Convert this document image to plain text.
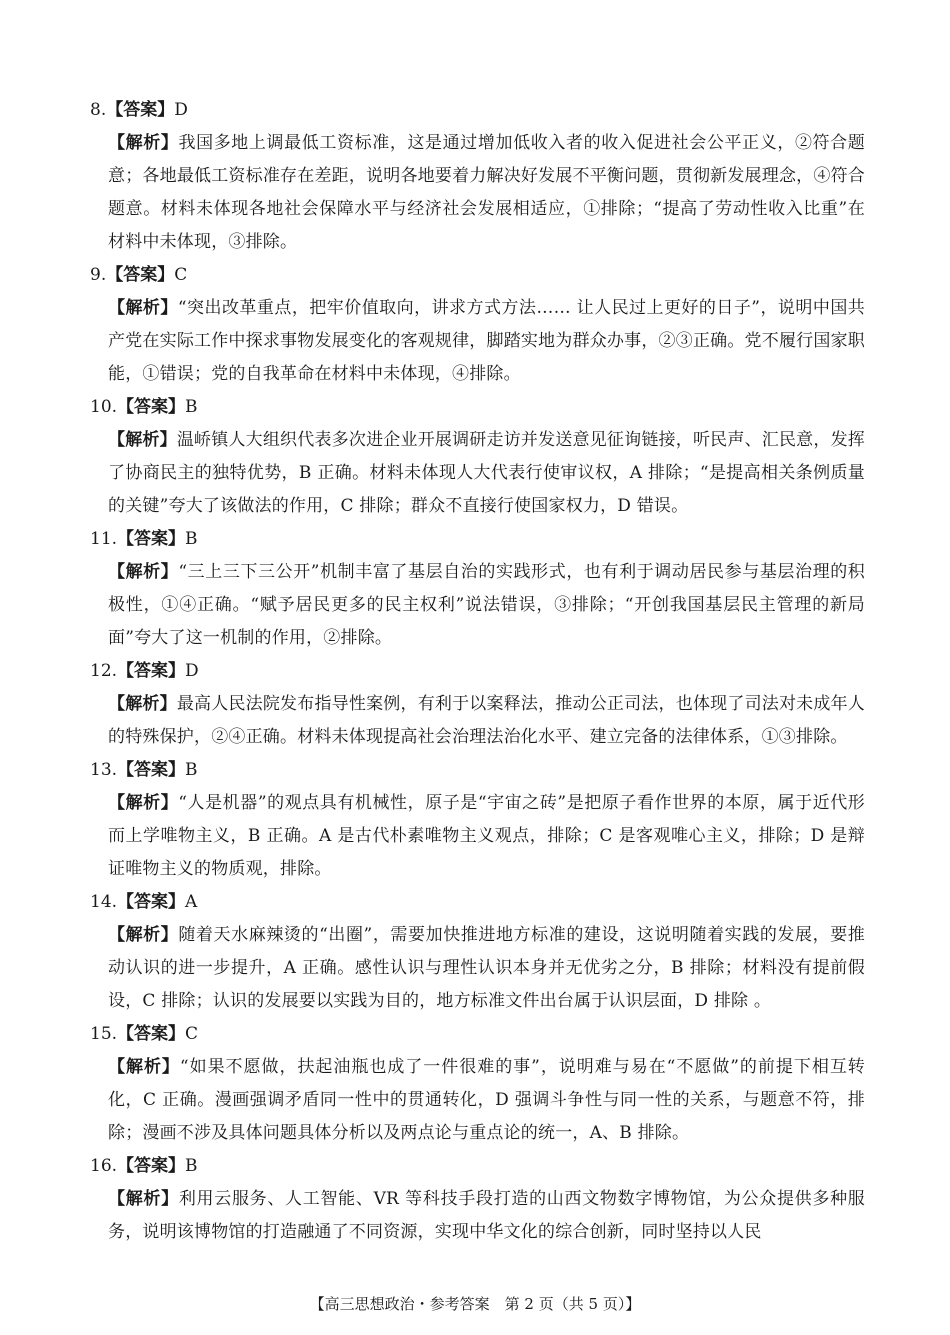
8.【答案】D
【解析】我国多地上调最低工资标准，这是通过增加低收入者的收入促进社会公平正义，②符合题意；各地最低工资标准存在差距，说明各地要着力解决好发展不平衡问题，贯彻新发展理念，④符合题意。材料未体现各地社会保障水平与经济社会发展相适应，①排除；“提高了劳动性收入比重”在材料中未体现，③排除。
9.【答案】C
【解析】“突出改革重点，把牢价值取向，讲求方式方法…… 让人民过上更好的日子”，说明中国共产党在实际工作中探求事物发展变化的客观规律，脚踏实地为群众办事，②③正确。党不履行国家职能，①错误；党的自我革命在材料中未体现，④排除。
10.【答案】B
【解析】温峤镇人大组织代表多次进企业开展调研走访并发送意见征询链接，听民声、汇民意，发挥了协商民主的独特优势，B 正确。材料未体现人大代表行使审议权，A 排除；“是提高相关条例质量的关键”夸大了该做法的作用，C 排除；群众不直接行使国家权力，D 错误。
11.【答案】B
【解析】“三上三下三公开”机制丰富了基层自治的实践形式，也有利于调动居民参与基层治理的积极性，①④正确。“赋予居民更多的民主权利”说法错误，③排除；“开创我国基层民主管理的新局面”夸大了这一机制的作用，②排除。
12.【答案】D
【解析】最高人民法院发布指导性案例，有利于以案释法，推动公正司法，也体现了司法对未成年人的特殊保护，②④正确。材料未体现提高社会治理法治化水平、建立完备的法律体系，①③排除。
13.【答案】B
【解析】“人是机器”的观点具有机械性，原子是“宇宙之砖”是把原子看作世界的本原，属于近代形而上学唯物主义，B 正确。A 是古代朴素唯物主义观点，排除；C 是客观唯心主义，排除；D 是辩证唯物主义的物质观，排除。
14.【答案】A
【解析】随着天水麻辣烫的“出圈”，需要加快推进地方标准的建设，这说明随着实践的发展，要推动认识的进一步提升，A 正确。感性认识与理性认识本身并无优劣之分，B 排除；材料没有提前假设，C 排除；认识的发展要以实践为目的，地方标准文件出台属于认识层面，D 排除 。
15.【答案】C
【解析】“如果不愿做，扶起油瓶也成了一件很难的事”，说明难与易在“不愿做”的前提下相互转化，C 正确。漫画强调矛盾同一性中的贯通转化，D 强调斗争性与同一性的关系，与题意不符，排除；漫画不涉及具体问题具体分析以及两点论与重点论的统一，A、B 排除。
16.【答案】B
【解析】利用云服务、人工智能、VR 等科技手段打造的山西文物数字博物馆，为公众提供多种服务，说明该博物馆的打造融通了不同资源，实现中华文化的综合创新，同时坚持以人民
【高三思想政治・参考答案　第 2 页（共 5 页）】
